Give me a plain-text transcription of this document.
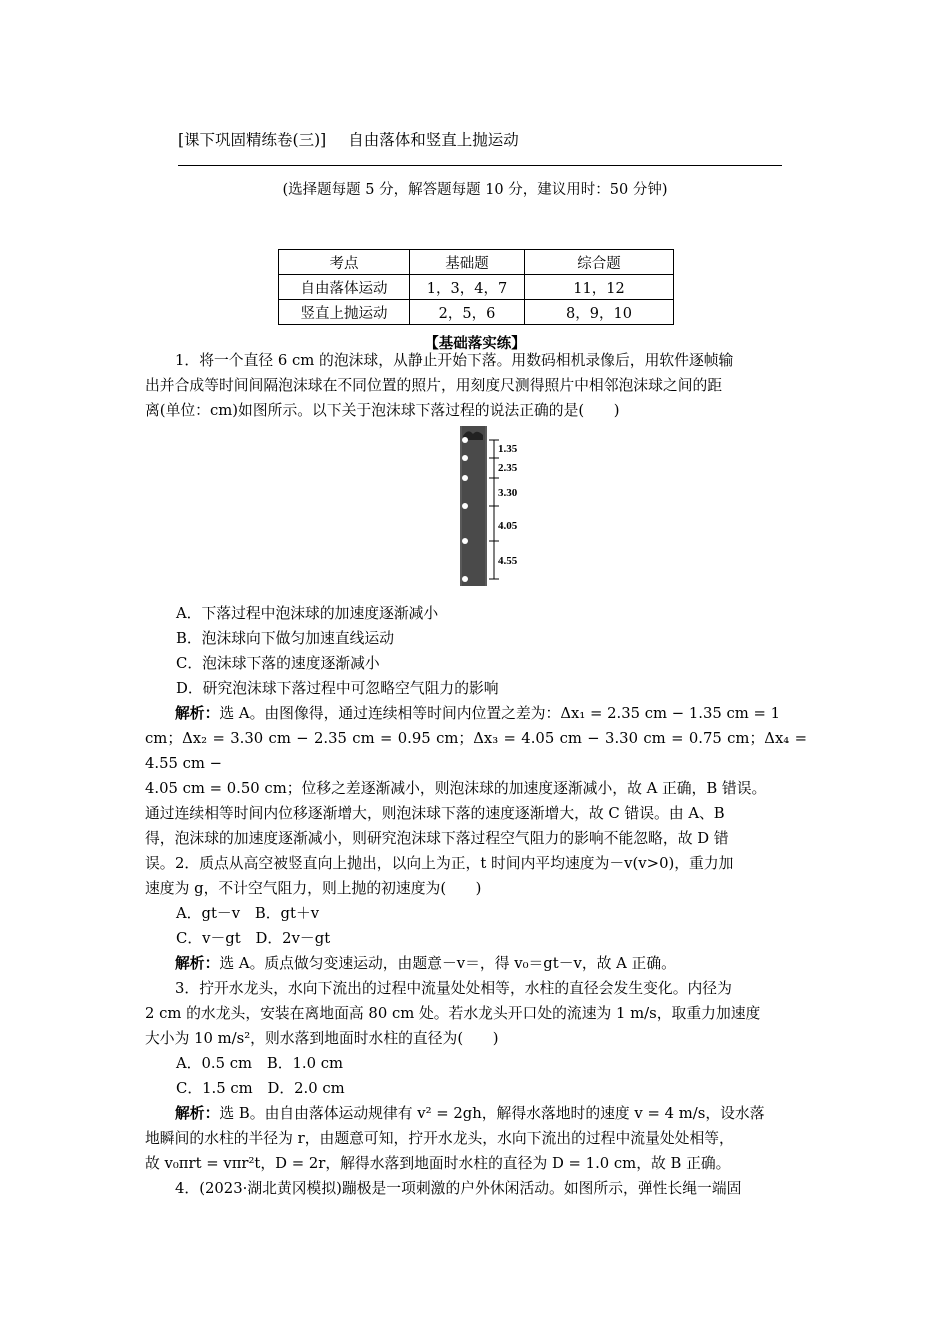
[课下巩固精练卷(三)] 自由落体和竖直上抛运动
(选择题每题 5 分，解答题每题 10 分，建议用时：50 分钟)
考点	基础题	综合题
自由落体运动	1，3，4，7	11，12
竖直上抛运动	2，5，6	8，9，10
【基础落实练】
1．将一个直径 6 cm 的泡沫球，从静止开始下落。用数码相机录像后，用软件逐帧输
出并合成等时间间隔泡沫球在不同位置的照片，用刻度尺测得照片中相邻泡沫球之间的距
离(单位：cm)如图所示。以下关于泡沫球下落过程的说法正确的是(　　)
1.35
2.35
3.30
4.05
4.55
A．下落过程中泡沫球的加速度逐渐减小
B．泡沫球向下做匀加速直线运动
C．泡沫球下落的速度逐渐减小
D．研究泡沫球下落过程中可忽略空气阻力的影响
解析：选 A。由图像得，通过连续相等时间内位置之差为：Δx₁ = 2.35 cm − 1.35 cm = 1
cm；Δx₂ = 3.30 cm − 2.35 cm = 0.95 cm；Δx₃ = 4.05 cm − 3.30 cm = 0.75 cm；Δx₄ = 4.55 cm −
4.05 cm = 0.50 cm；位移之差逐渐减小，则泡沫球的加速度逐渐减小，故 A 正确，B 错误。
通过连续相等时间内位移逐渐增大，则泡沫球下落的速度逐渐增大，故 C 错误。由 A、B
得，泡沫球的加速度逐渐减小，则研究泡沫球下落过程空气阻力的影响不能忽略，故 D 错
误。 2．质点从高空被竖直向上抛出，以向上为正，t 时间内平均速度为－v(v>0)，重力加
速度为 g，不计空气阻力，则上抛的初速度为(　　)
A．gt－v　B．gt＋v
C．v－gt　D．2v－gt
解析：选 A。质点做匀变速运动，由题意－v＝，得 v₀＝gt－v，故 A 正确。
3．拧开水龙头，水向下流出的过程中流量处处相等，水柱的直径会发生变化。内径为
2 cm 的水龙头，安装在离地面高 80 cm 处。若水龙头开口处的流速为 1 m/s，取重力加速度
大小为 10 m/s²，则水落到地面时水柱的直径为(　　)
A．0.5 cm　B．1.0 cm
C．1.5 cm　D．2.0 cm
解析：选 B。由自由落体运动规律有 v² = 2gh，解得水落地时的速度 v = 4 m/s，设水落
地瞬间的水柱的半径为 r，由题意可知，拧开水龙头，水向下流出的过程中流量处处相等，
故 v₀πrt = vπr²t，D = 2r，解得水落到地面时水柱的直径为 D = 1.0 cm，故 B 正确。
4．(2023·湖北黄冈模拟)蹦极是一项刺激的户外休闲活动。如图所示，弹性长绳一端固
